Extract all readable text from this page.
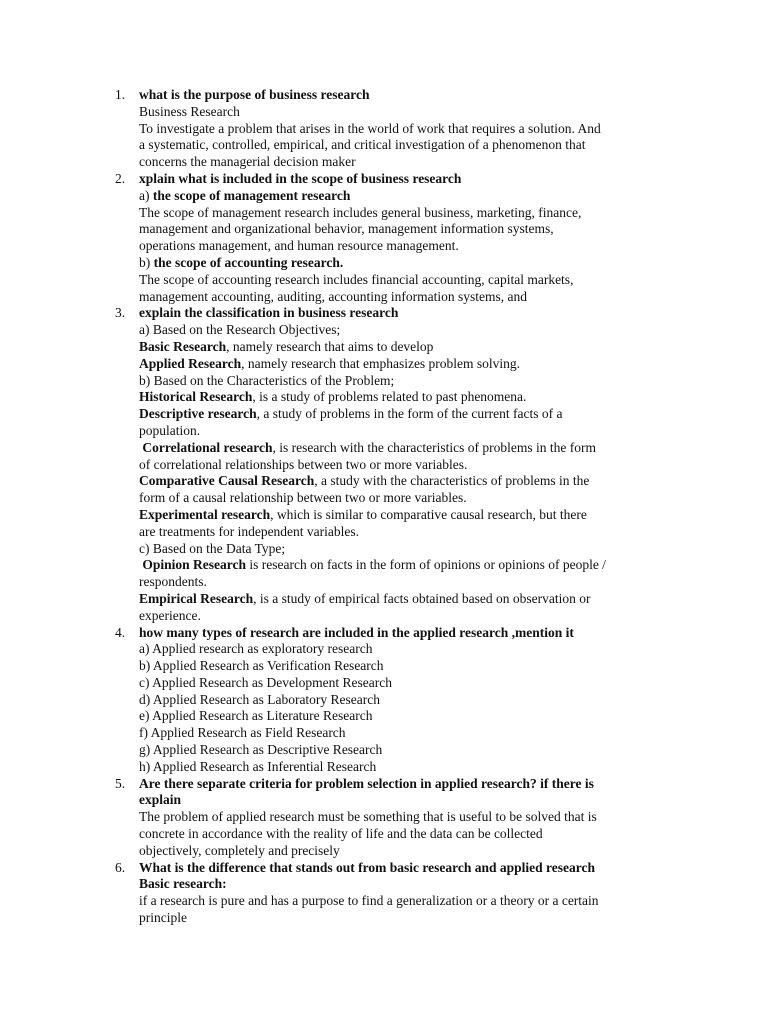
1. what is the purpose of business research
Business Research
To investigate a problem that arises in the world of work that requires a solution. And
a systematic, controlled, empirical, and critical investigation of a phenomenon that
concerns the managerial decision maker
2. xplain what is included in the scope of business research
a) the scope of management research
The scope of management research includes general business, marketing, finance,
management and organizational behavior, management information systems,
operations management, and human resource management.
b) the scope of accounting research.
The scope of accounting research includes financial accounting, capital markets,
management accounting, auditing, accounting information systems, and
3. explain the classification in business research
a) Based on the Research Objectives;
Basic Research, namely research that aims to develop
Applied Research, namely research that emphasizes problem solving.
b) Based on the Characteristics of the Problem;
Historical Research, is a study of problems related to past phenomena.
Descriptive research, a study of problems in the form of the current facts of a
population.
Correlational research, is research with the characteristics of problems in the form
of correlational relationships between two or more variables.
Comparative Causal Research, a study with the characteristics of problems in the
form of a causal relationship between two or more variables.
Experimental research, which is similar to comparative causal research, but there
are treatments for independent variables.
c) Based on the Data Type;
Opinion Research is research on facts in the form of opinions or opinions of people /
respondents.
Empirical Research, is a study of empirical facts obtained based on observation or
experience.
4. how many types of research are included in the applied research ,mention it
a) Applied research as exploratory research
b) Applied Research as Verification Research
c) Applied Research as Development Research
d) Applied Research as Laboratory Research
e) Applied Research as Literature Research
f) Applied Research as Field Research
g) Applied Research as Descriptive Research
h) Applied Research as Inferential Research
5. Are there separate criteria for problem selection in applied research? if there is
explain
The problem of applied research must be something that is useful to be solved that is
concrete in accordance with the reality of life and the data can be collected
objectively, completely and precisely
6. What is the difference that stands out from basic research and applied research
Basic research:
if a research is pure and has a purpose to find a generalization or a theory or a certain
principle
